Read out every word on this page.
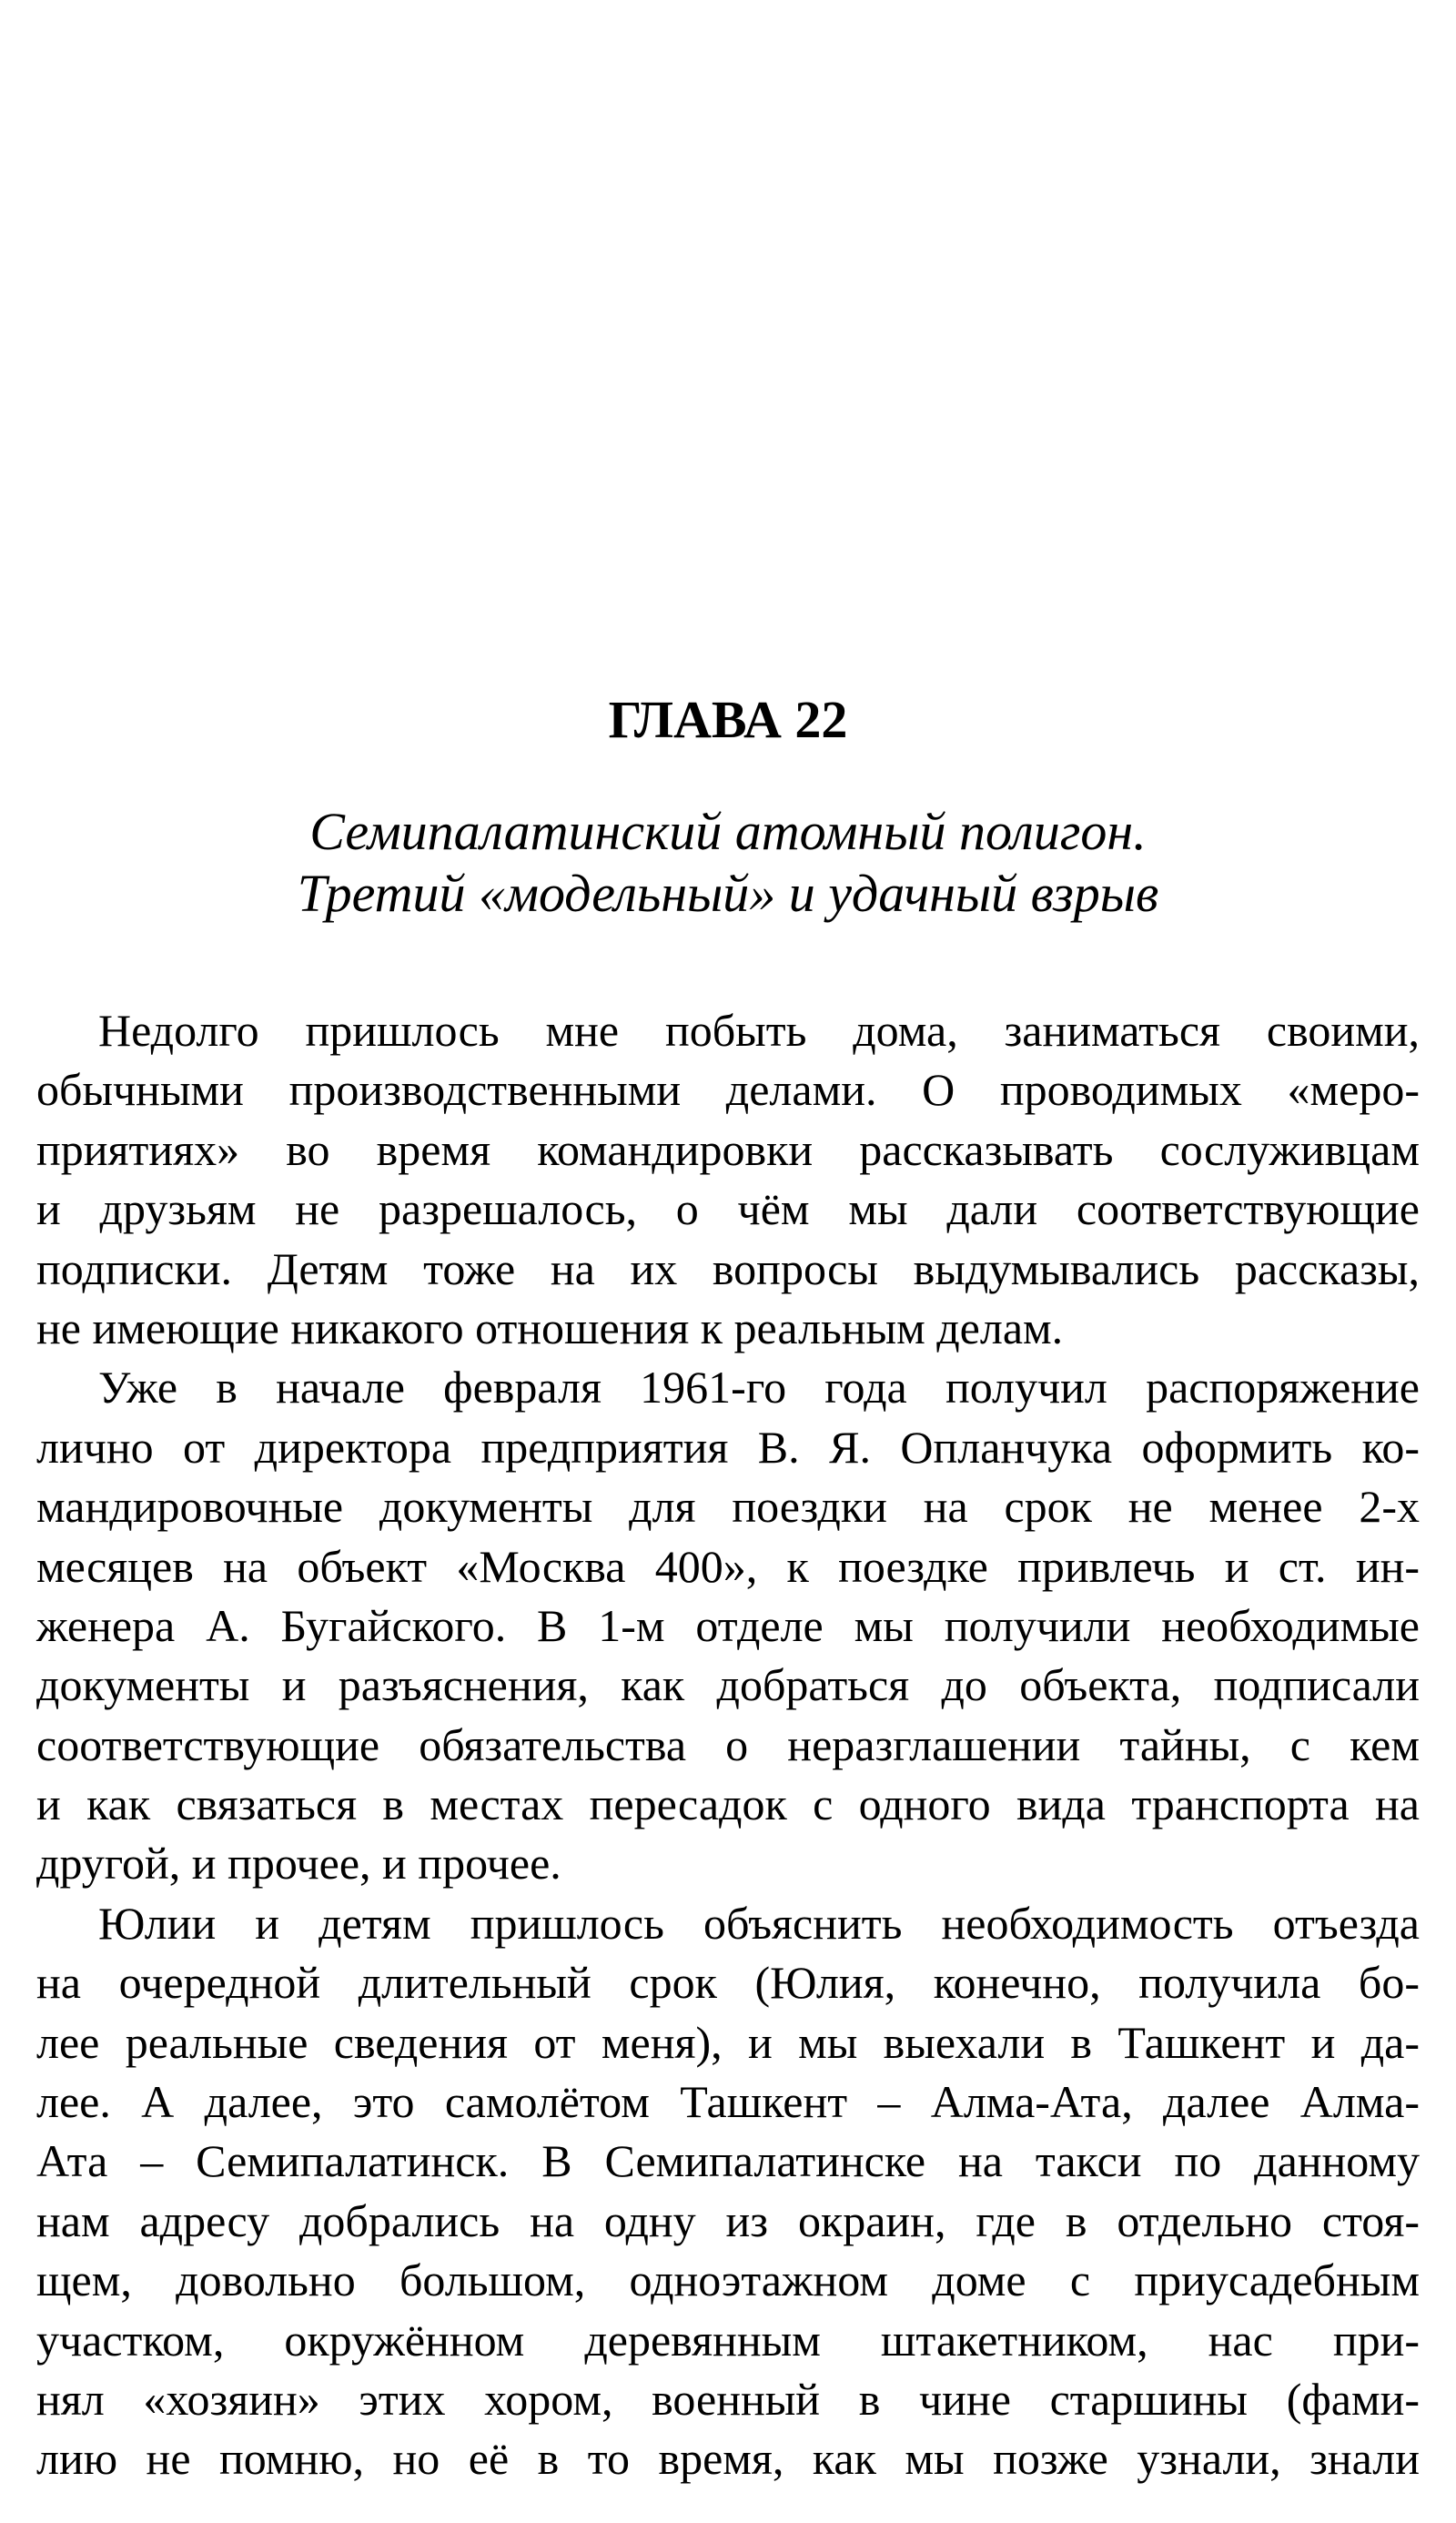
ГЛАВА 22
Семипалатинский атомный полигон.
Третий «модельный» и удачный взрыв
Недолго пришлось мне побыть дома, заниматься своими,
обычными производственными делами. О проводимых «меро-
приятиях» во время командировки рассказывать сослуживцам
и друзьям не разрешалось, о чём мы дали соответствующие
подписки. Детям тоже на их вопросы выдумывались рассказы,
не имеющие никакого отношения к реальным делам.
Уже в начале февраля 1961-го года получил распоряжение
лично от директора предприятия В. Я. Опланчука оформить ко-
мандировочные документы для поездки на срок не менее 2-х
месяцев на объект «Москва 400», к поездке привлечь и ст. ин-
женера А. Бугайского. В 1-м отделе мы получили необходимые
документы и разъяснения, как добраться до объекта, подписали
соответствующие обязательства о неразглашении тайны, с кем
и как связаться в местах пересадок с одного вида транспорта на
другой, и прочее, и прочее.
Юлии и детям пришлось объяснить необходимость отъезда
на очередной длительный срок (Юлия, конечно, получила бо-
лее реальные сведения от меня), и мы выехали в Ташкент и да-
лее. А далее, это самолётом Ташкент – Алма-Ата, далее Алма-
Ата – Семипалатинск. В Семипалатинске на такси по данному
нам адресу добрались на одну из окраин, где в отдельно стоя-
щем, довольно большом, одноэтажном доме с приусадебным
участком, окружённом деревянным штакетником, нас при-
нял «хозяин» этих хором, военный в чине старшины (фами-
лию не помню, но её в то время, как мы позже узнали, знали
